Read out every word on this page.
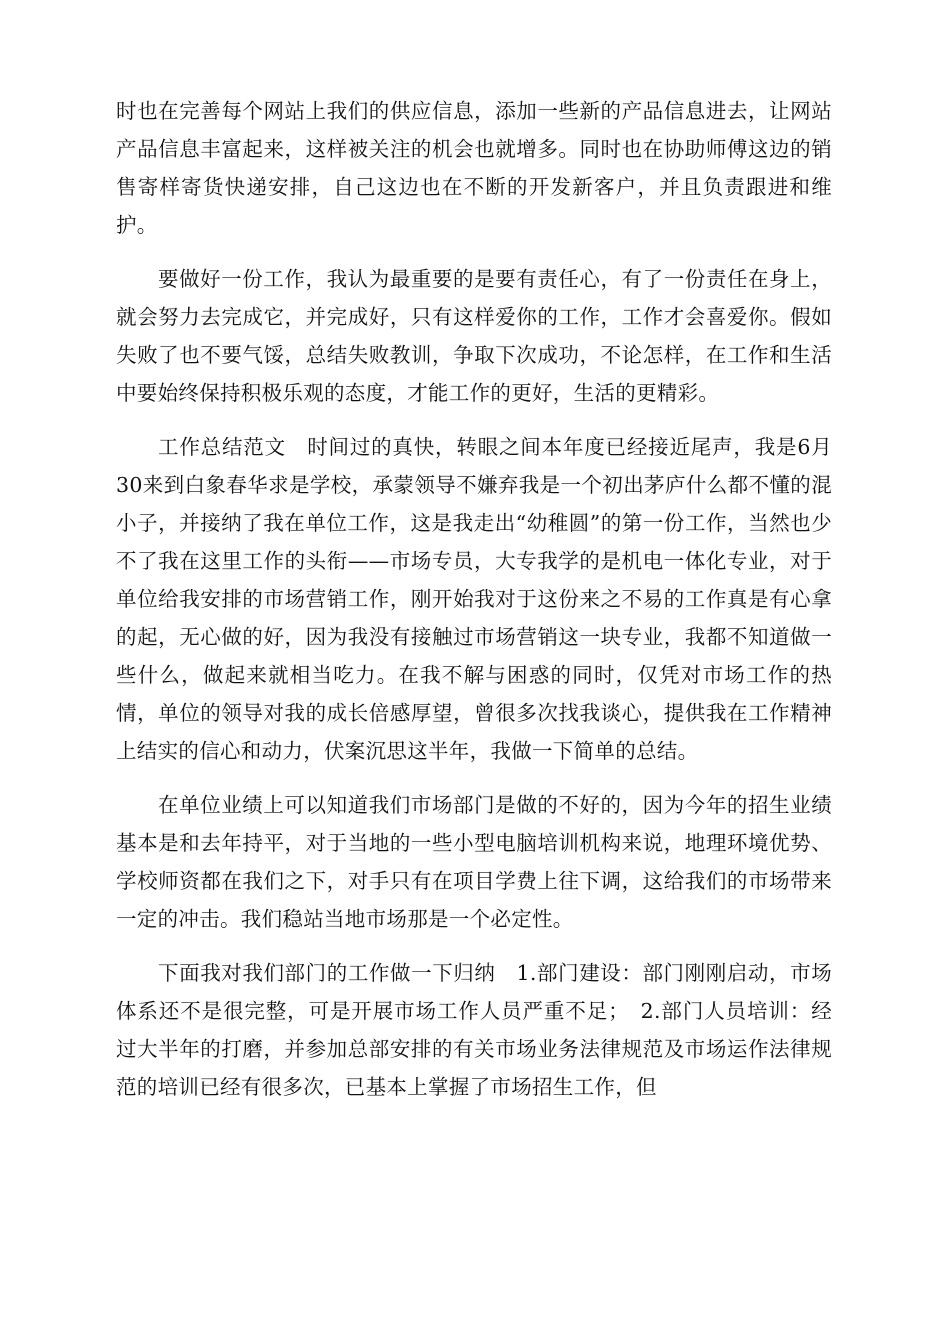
时也在完善每个网站上我们的供应信息，添加一些新的产品信息进去，让网站产品信息丰富起来，这样被关注的机会也就增多。同时也在协助师傅这边的销售寄样寄货快递安排，自己这边也在不断的开发新客户，并且负责跟进和维护。

要做好一份工作，我认为最重要的是要有责任心，有了一份责任在身上，就会努力去完成它，并完成好，只有这样爱你的工作，工作才会喜爱你。假如失败了也不要气馁，总结失败教训，争取下次成功，不论怎样，在工作和生活中要始终保持积极乐观的态度，才能工作的更好，生活的更精彩。

工作总结范文　时间过的真快，转眼之间本年度已经接近尾声，我是6月30来到白象春华求是学校，承蒙领导不嫌弃我是一个初出茅庐什么都不懂的混小子，并接纳了我在单位工作，这是我走出“幼稚圆”的第一份工作，当然也少不了我在这里工作的头衔——市场专员，大专我学的是机电一体化专业，对于单位给我安排的市场营销工作，刚开始我对于这份来之不易的工作真是有心拿的起，无心做的好，因为我没有接触过市场营销这一块专业，我都不知道做一些什么，做起来就相当吃力。在我不解与困惑的同时，仅凭对市场工作的热情，单位的领导对我的成长倍感厚望，曾很多次找我谈心，提供我在工作精神上结实的信心和动力，伏案沉思这半年，我做一下简单的总结。

在单位业绩上可以知道我们市场部门是做的不好的，因为今年的招生业绩基本是和去年持平，对于当地的一些小型电脑培训机构来说，地理环境优势、学校师资都在我们之下，对手只有在项目学费上往下调，这给我们的市场带来一定的冲击。我们稳站当地市场那是一个必定性。

下面我对我们部门的工作做一下归纳　1.部门建设：部门刚刚启动，市场体系还不是很完整，可是开展市场工作人员严重不足；　2.部门人员培训：经过大半年的打磨，并参加总部安排的有关市场业务法律规范及市场运作法律规范的培训已经有很多次，已基本上掌握了市场招生工作，但
